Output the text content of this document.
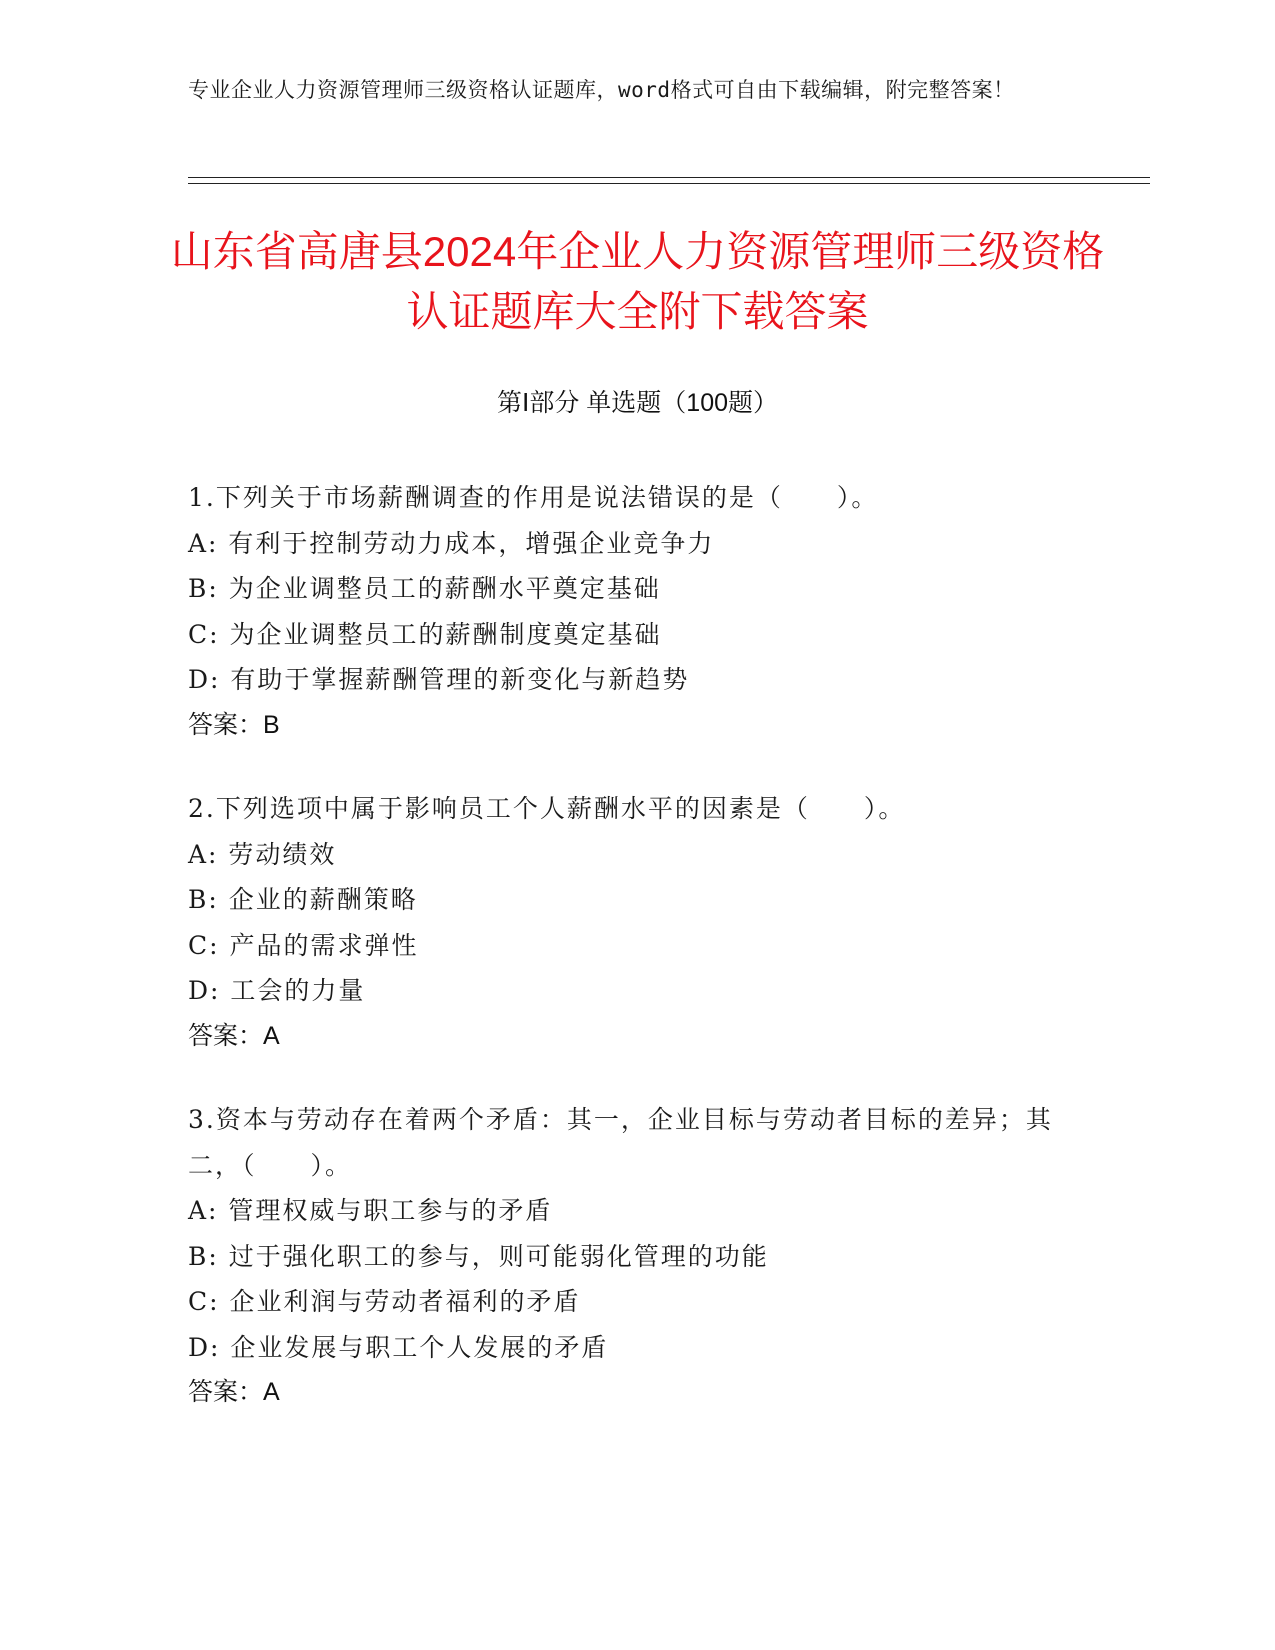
专业企业人力资源管理师三级资格认证题库，word格式可自由下载编辑，附完整答案！
山东省高唐县2024年企业人力资源管理师三级资格认证题库大全附下载答案
第Ⅰ部分 单选题（100题）
1.下列关于市场薪酬调查的作用是说法错误的是（　　）。
A: 有利于控制劳动力成本，增强企业竞争力
B: 为企业调整员工的薪酬水平奠定基础
C: 为企业调整员工的薪酬制度奠定基础
D: 有助于掌握薪酬管理的新变化与新趋势
答案：B
2.下列选项中属于影响员工个人薪酬水平的因素是（　　）。
A: 劳动绩效
B: 企业的薪酬策略
C: 产品的需求弹性
D: 工会的力量
答案：A
3.资本与劳动存在着两个矛盾：其一，企业目标与劳动者目标的差异；其二，（　　）。
A: 管理权威与职工参与的矛盾
B: 过于强化职工的参与，则可能弱化管理的功能
C: 企业利润与劳动者福利的矛盾
D: 企业发展与职工个人发展的矛盾
答案：A
